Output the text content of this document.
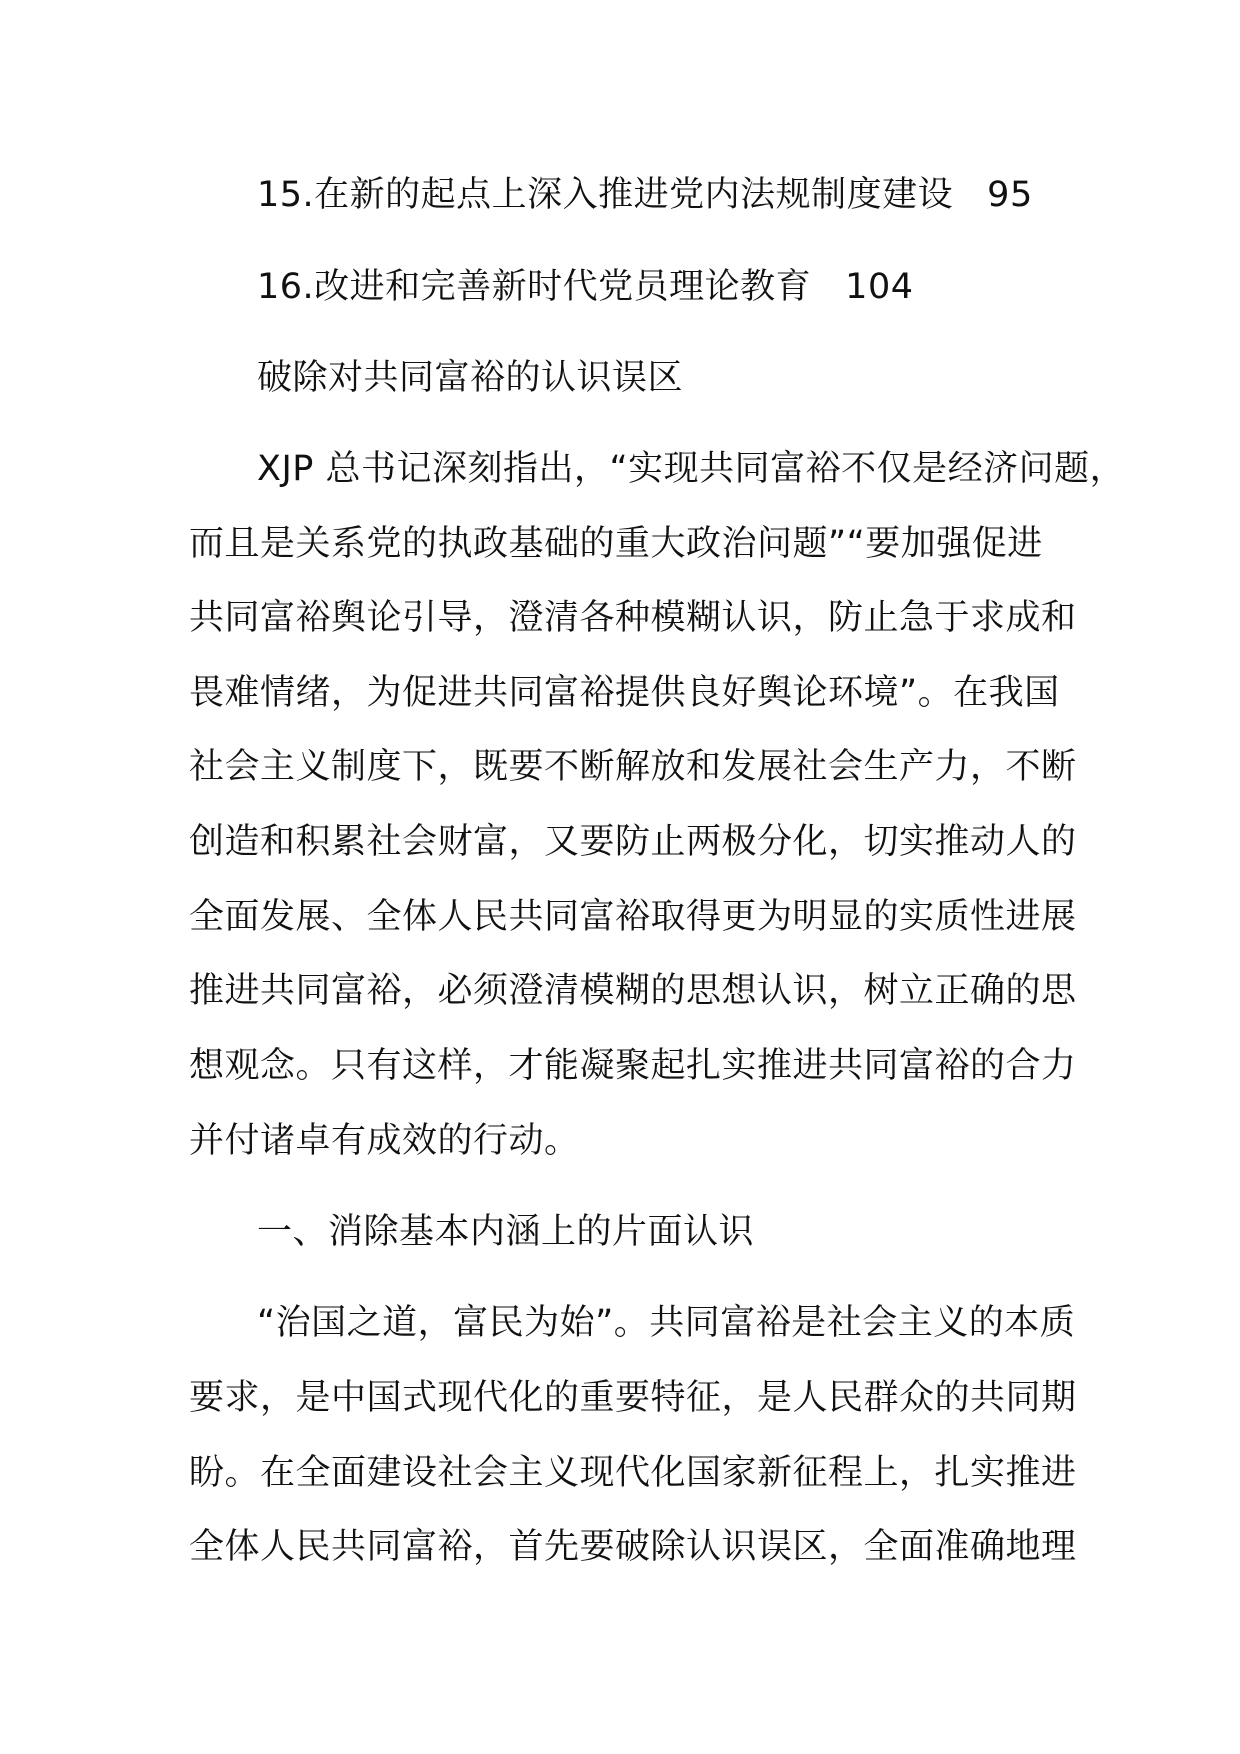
15.在新的起点上深入推进党内法规制度建设 95
16.改进和完善新时代党员理论教育 104
破除对共同富裕的认识误区
XJP 总书记深刻指出，“实现共同富裕不仅是经济问题，
而且是关系党的执政基础的重大政治问题”“要加强促进
共同富裕舆论引导，澄清各种模糊认识，防止急于求成和
畏难情绪，为促进共同富裕提供良好舆论环境”。在我国
社会主义制度下，既要不断解放和发展社会生产力，不断
创造和积累社会财富，又要防止两极分化，切实推动人的
全面发展、全体人民共同富裕取得更为明显的实质性进展
推进共同富裕，必须澄清模糊的思想认识，树立正确的思
想观念。只有这样，才能凝聚起扎实推进共同富裕的合力
并付诸卓有成效的行动。
一、消除基本内涵上的片面认识
“治国之道，富民为始”。共同富裕是社会主义的本质
要求，是中国式现代化的重要特征，是人民群众的共同期
盼。在全面建设社会主义现代化国家新征程上，扎实推进
全体人民共同富裕，首先要破除认识误区，全面准确地理
